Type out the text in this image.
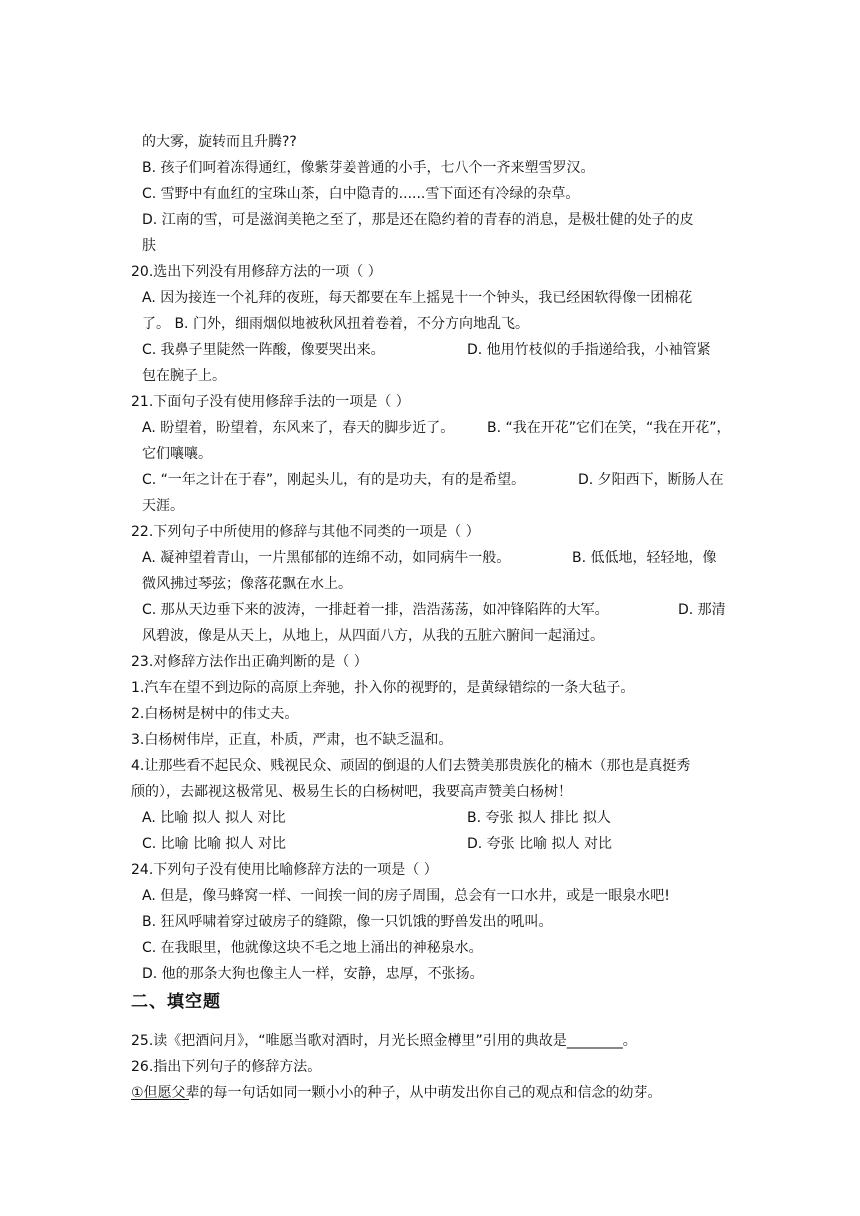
的大雾，旋转而且升腾??
B. 孩子们呵着冻得通红，像紫芽姜普通的小手，七八个一齐来塑雪罗汉。
C. 雪野中有血红的宝珠山茶，白中隐青的......雪下面还有冷绿的杂草。
D. 江南的雪，可是滋润美艳之至了，那是还在隐约着的青春的消息，是极壮健的处子的皮
肤
20.选出下列没有用修辞方法的一项（ ）
A. 因为接连一个礼拜的夜班，每天都要在车上摇晃十一个钟头，我已经困软得像一团棉花
了。 B. 门外，细雨烟似地被秋风扭着卷着，不分方向地乱飞。
C. 我鼻子里陡然一阵酸，像要哭出来。	D. 他用竹枝似的手指递给我，小袖管紧
包在腕子上。
21.下面句子没有使用修辞手法的一项是（ ）
A. 盼望着，盼望着，东风来了，春天的脚步近了。 B. “我在开花”它们在笑，“我在开花”，
它们嚷嚷。
C. “一年之计在于春”，刚起头儿，有的是功夫，有的是希望。	D. 夕阳西下，断肠人在
天涯。
22.下列句子中所使用的修辞与其他不同类的一项是（ ）
A. 凝神望着青山，一片黑郁郁的连绵不动，如同病牛一般。	B. 低低地，轻轻地，像
微风拂过琴弦；像落花飘在水上。
C. 那从天边垂下来的波涛，一排赶着一排，浩浩荡荡，如冲锋陷阵的大军。	D. 那清
风碧波，像是从天上，从地上，从四面八方，从我的五脏六腑间一起涌过。
23.对修辞方法作出正确判断的是（ ）
1.汽车在望不到边际的高原上奔驰，扑入你的视野的，是黄绿错综的一条大毡子。
2.白杨树是树中的伟丈夫。
3.白杨树伟岸，正直，朴质，严肃，也不缺乏温和。
4.让那些看不起民众、贱视民众、顽固的倒退的人们去赞美那贵族化的楠木（那也是真挺秀
颀的），去鄙视这极常见、极易生长的白杨树吧，我要高声赞美白杨树！
A. 比喻 拟人 拟人 对比	B. 夸张 拟人 排比 拟人
C. 比喻 比喻 拟人 对比	D. 夸张 比喻 拟人 对比
24.下列句子没有使用比喻修辞方法的一项是（ ）
A. 但是，像马蜂窝一样、一间挨一间的房子周围，总会有一口水井，或是一眼泉水吧!
B. 狂风呼啸着穿过破房子的缝隙，像一只饥饿的野兽发出的吼叫。
C. 在我眼里，他就像这块不毛之地上涌出的神秘泉水。
D. 他的那条大狗也像主人一样，安静，忠厚，不张扬。
二、填空题
25.读《把酒问月》，“唯愿当歌对酒时，月光长照金樽里”引用的典故是________。
26.指出下列句子的修辞方法。
①但愿父辈的每一句话如同一颗小小的种子，从中萌发出你自己的观点和信念的幼芽。
